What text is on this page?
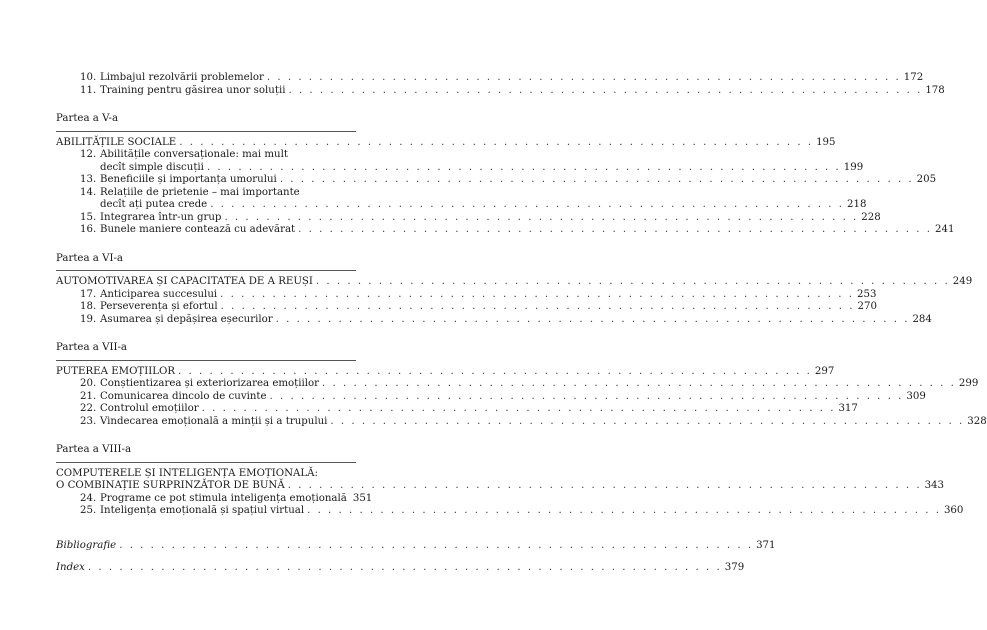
10. Limbajul rezolvării problemelor . . . . . . . . . . . . . . . . . . . . . . . . . . . . . . . . . . . . . . . . . . . . . . . . . . . . . . . . . . . . . 172
11. Training pentru găsirea unor soluții . . . . . . . . . . . . . . . . . . . . . . . . . . . . . . . . . . . . . . . . . . . . . . . . . . . . . . . . . . . . . 178
Partea a V-a
ABILITĂȚILE SOCIALE . . . . . . . . . . . . . . . . . . . . . . . . . . . . . . . . . . . . . . . . . . . . . . . . . . . . . . . . . . . . . 195
12. Abilitățile conversaționale: mai mult
decît simple discuții . . . . . . . . . . . . . . . . . . . . . . . . . . . . . . . . . . . . . . . . . . . . . . . . . . . . . . . . . . . . . 199
13. Beneficiile și importanța umorului . . . . . . . . . . . . . . . . . . . . . . . . . . . . . . . . . . . . . . . . . . . . . . . . . . . . . . . . . . . . . 205
14. Relațiile de prietenie – mai importante
decît ați putea crede . . . . . . . . . . . . . . . . . . . . . . . . . . . . . . . . . . . . . . . . . . . . . . . . . . . . . . . . . . . . . 218
15. Integrarea într-un grup . . . . . . . . . . . . . . . . . . . . . . . . . . . . . . . . . . . . . . . . . . . . . . . . . . . . . . . . . . . . . 228
16. Bunele maniere contează cu adevărat . . . . . . . . . . . . . . . . . . . . . . . . . . . . . . . . . . . . . . . . . . . . . . . . . . . . . . . . . . . . . 241
Partea a VI-a
AUTOMOTIVAREA ȘI CAPACITATEA DE A REUȘI . . . . . . . . . . . . . . . . . . . . . . . . . . . . . . . . . . . . . . . . . . . . . . . . . . . . . . . . . . . . . 249
17. Anticiparea succesului . . . . . . . . . . . . . . . . . . . . . . . . . . . . . . . . . . . . . . . . . . . . . . . . . . . . . . . . . . . . . 253
18. Perseverența și efortul . . . . . . . . . . . . . . . . . . . . . . . . . . . . . . . . . . . . . . . . . . . . . . . . . . . . . . . . . . . . . 270
19. Asumarea și depășirea eșecurilor . . . . . . . . . . . . . . . . . . . . . . . . . . . . . . . . . . . . . . . . . . . . . . . . . . . . . . . . . . . . . 284
Partea a VII-a
PUTEREA EMOȚIILOR . . . . . . . . . . . . . . . . . . . . . . . . . . . . . . . . . . . . . . . . . . . . . . . . . . . . . . . . . . . . . 297
20. Conștientizarea și exteriorizarea emoțiilor . . . . . . . . . . . . . . . . . . . . . . . . . . . . . . . . . . . . . . . . . . . . . . . . . . . . . . . . . . . . . 299
21. Comunicarea dincolo de cuvinte . . . . . . . . . . . . . . . . . . . . . . . . . . . . . . . . . . . . . . . . . . . . . . . . . . . . . . . . . . . . . 309
22. Controlul emoțiilor . . . . . . . . . . . . . . . . . . . . . . . . . . . . . . . . . . . . . . . . . . . . . . . . . . . . . . . . . . . . . 317
23. Vindecarea emoțională a minții și a trupului . . . . . . . . . . . . . . . . . . . . . . . . . . . . . . . . . . . . . . . . . . . . . . . . . . . . . . . . . . . . . 328
Partea a VIII-a
COMPUTERELE ȘI INTELIGENȚA EMOȚIONALĂ:
O COMBINAȚIE SURPRINZĂTOR DE BUNĂ . . . . . . . . . . . . . . . . . . . . . . . . . . . . . . . . . . . . . . . . . . . . . . . . . . . . . . . . . . . . . 343
24. Programe ce pot stimula inteligența emoțională 351
25. Inteligența emoțională și spațiul virtual . . . . . . . . . . . . . . . . . . . . . . . . . . . . . . . . . . . . . . . . . . . . . . . . . . . . . . . . . . . . . 360
Bibliografie . . . . . . . . . . . . . . . . . . . . . . . . . . . . . . . . . . . . . . . . . . . . . . . . . . . . . . . . . . . . . 371
Index . . . . . . . . . . . . . . . . . . . . . . . . . . . . . . . . . . . . . . . . . . . . . . . . . . . . . . . . . . . . . 379
